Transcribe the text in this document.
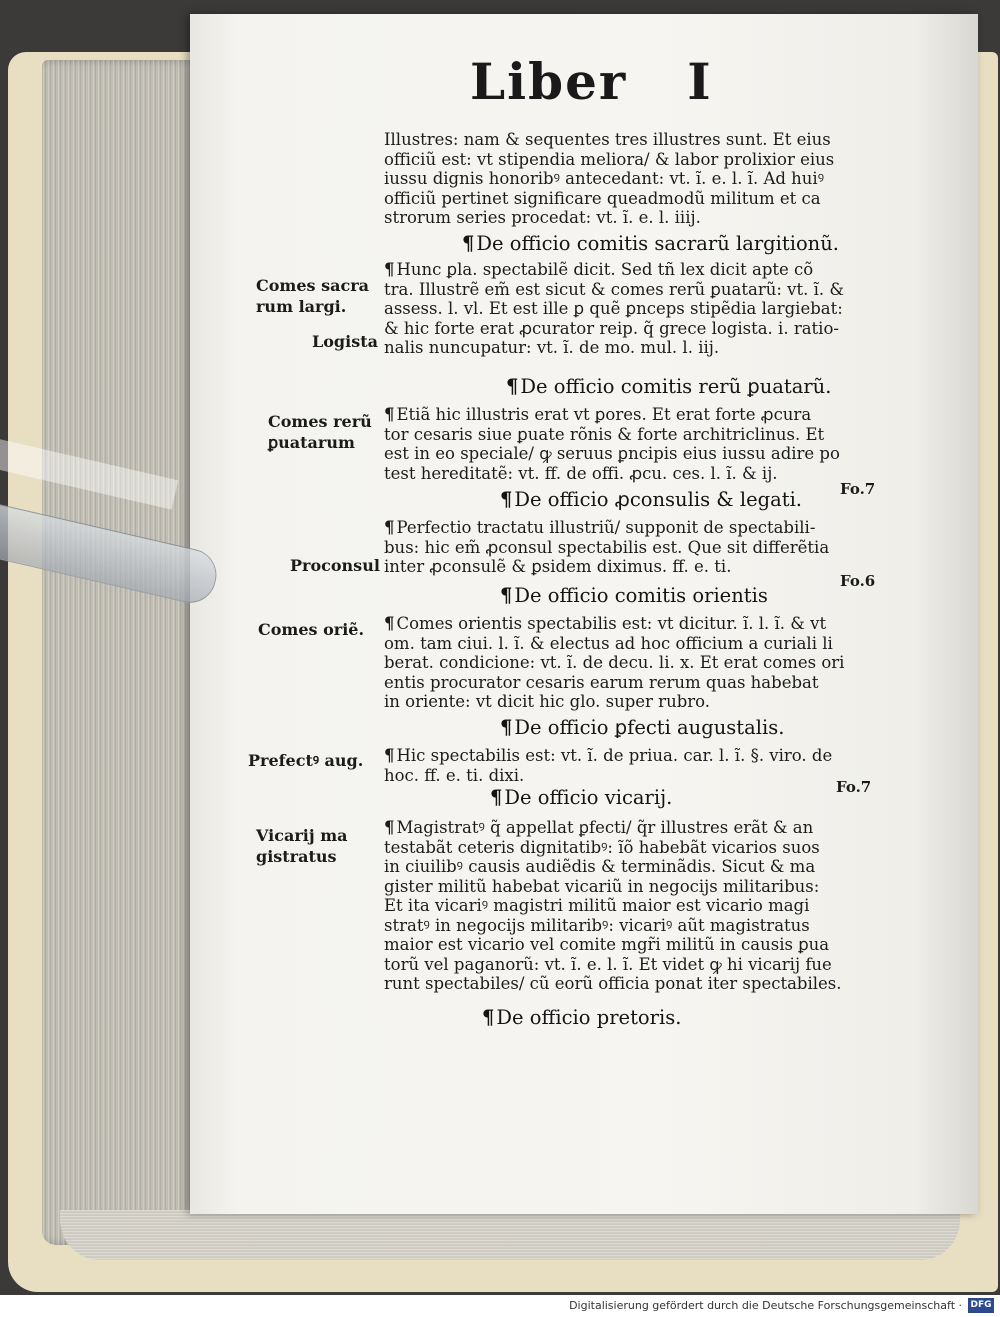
Liber I
Illustres: nam & sequentes tres illustres sunt. Et eius
officiũ est: vt stipendia meliora/ & labor prolixior eius
iussu dignis honoribꝰ antecedant: vt. ĩ. e. l. ĩ. Ad huiꝰ
officiũ pertinet significare queadmodũ militum et ca
strorum series procedat: vt. ĩ. e. l. iiij.
¶ De officio comitis sacrarũ largitionũ.
¶ Hunc ꝑla. spectabilẽ dicit. Sed tñ lex dicit apte cõ
tra. Illustrẽ em̃ est sicut & comes rerũ ꝑuatarũ: vt. ĩ. &
assess. l. vl. Et est ille ꝑ quẽ ꝑnceps stipẽdia largiebat:
& hic forte erat ꝓcurator reip. q̃ grece logista. i. ratio-
nalis nuncupatur: vt. ĩ. de mo. mul. l. iij.
Comes sacra
rum largi.
Logista
¶ De officio comitis rerũ ꝑuatarũ.
¶ Etiã hic illustris erat vt ꝑores. Et erat forte ꝓcura
tor cesaris siue ꝑuate rõnis & forte architriclinus. Et
est in eo speciale/ ꝙ seruus ꝑncipis eius iussu adire po
test hereditatẽ: vt. ff. de offi. ꝓcu. ces. l. ĩ. & ij.
Comes rerũ
ꝑuatarum
Fo.7
¶ De officio ꝓconsulis & legati.
¶ Perfectio tractatu illustriũ/ supponit de spectabili-
bus: hic em̃ ꝓconsul spectabilis est. Que sit differẽtia
inter ꝓconsulẽ & ꝑsidem diximus. ff. e. ti.
Proconsul
Fo.6
¶ De officio comitis orientis
¶ Comes orientis spectabilis est: vt dicitur. ĩ. l. ĩ. & vt
om. tam ciui. l. ĩ. & electus ad hoc officium a curiali li
berat. condicione: vt. ĩ. de decu. li. x. Et erat comes ori
entis procurator cesaris earum rerum quas habebat
in oriente: vt dicit hic glo. super rubro.
Comes oriẽ.
¶ De officio ꝑfecti augustalis.
¶ Hic spectabilis est: vt. ĩ. de priua. car. l. ĩ. §. viro. de
hoc. ff. e. ti. dixi.
Prefectꝰ aug.
Fo.7
¶ De officio vicarij.
¶ Magistratꝰ q̃ appellat ꝑfecti/ q̃r illustres erãt & an
testabãt ceteris dignitatibꝰ: ĩõ habebãt vicarios suos
in ciuilibꝰ causis audiẽdis & terminãdis. Sicut & ma
gister militũ habebat vicariũ in negocijs militaribus:
Et ita vicariꝰ magistri militũ maior est vicario magi
stratꝰ in negocijs militaribꝰ: vicariꝰ aũt magistratus
maior est vicario vel comite mgr̃i militũ in causis ꝑua
torũ vel paganorũ: vt. ĩ. e. l. ĩ. Et videt ꝙ hi vicarij fue
runt spectabiles/ cũ eorũ officia ponat iter spectabiles.
Vicarij ma
gistratus
¶ De officio pretoris.
Digitalisierung gefördert durch die Deutsche Forschungsgemeinschaft · DFG
